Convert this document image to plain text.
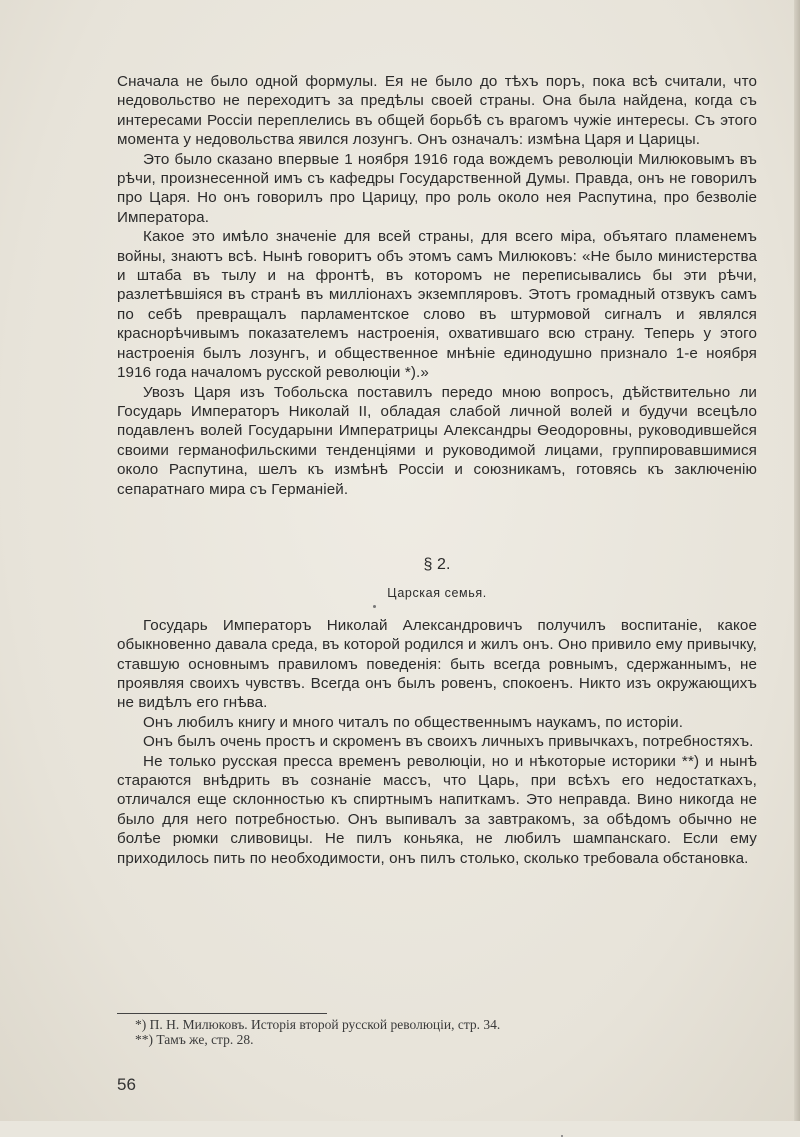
Сначала не было одной формулы. Ея не было до тѣхъ поръ, пока всѣ считали, что недовольство не переходитъ за предѣлы своей страны. Она была найдена, когда съ интересами Россiи переплелись въ общей борьбѣ съ врагомъ чужiе интересы. Съ этого момента у недовольства явился лозунгъ. Онъ означалъ: измѣна Царя и Царицы.

Это было сказано впервые 1 ноября 1916 года вождемъ революцiи Милюковымъ въ рѣчи, произнесенной имъ съ кафедры Государственной Думы. Правда, онъ не говорилъ про Царя. Но онъ говорилъ про Царицу, про роль около нея Распутина, про безволiе Императора.

Какое это имѣло значенiе для всей страны, для всего мiра, объятаго пламенемъ войны, знаютъ всѣ. Нынѣ говоритъ объ этомъ самъ Милюковъ: «Не было министерства и штаба въ тылу и на фронтѣ, въ которомъ не переписывались бы эти рѣчи, разлетѣвшiяся въ странѣ въ миллiонахъ экземпляровъ. Этотъ громадный отзвукъ самъ по себѣ превращалъ парламентское слово въ штурмовой сигналъ и являлся краснорѣчивымъ показателемъ настроенiя, охватившаго всю страну. Теперь у этого настроенiя былъ лозунгъ, и общественное мнѣнiе единодушно признало 1-е ноября 1916 года началомъ русской революцiи *).»

Увозъ Царя изъ Тобольска поставилъ передо мною вопросъ, дѣйствительно ли Государь Императоръ Николай II, обладая слабой личной волей и будучи всецѣло подавленъ волей Государыни Императрицы Александры Ѳеодоровны, руководившейся своими германофильскими тенденцiями и руководимой лицами, группировавшимися около Распутина, шелъ къ измѣнѣ Россiи и союзникамъ, готовясь къ заключенiю сепаратнаго мира съ Германiей.

§ 2.
Царская семья.

Государь Императоръ Николай Александровичъ получилъ воспитанiе, какое обыкновенно давала среда, въ которой родился и жилъ онъ. Оно привило ему привычку, ставшую основнымъ правиломъ поведенiя: быть всегда ровнымъ, сдержаннымъ, не проявляя своихъ чувствъ. Всегда онъ былъ ровенъ, спокоенъ. Никто изъ окружающихъ не видѣлъ его гнѣва.

Онъ любилъ книгу и много читалъ по общественнымъ наукамъ, по исторiи.

Онъ былъ очень простъ и скроменъ въ своихъ личныхъ привычкахъ, потребностяхъ.

Не только русская пресса временъ революцiи, но и нѣкоторые историки **) и нынѣ стараются внѣдрить въ сознанiе массъ, что Царь, при всѣхъ его недостаткахъ, отличался еще склонностью къ спиртнымъ напиткамъ. Это неправда. Вино никогда не было для него потребностью. Онъ выпивалъ за завтракомъ, за обѣдомъ обычно не болѣе рюмки сливовицы. Не пилъ коньяка, не любилъ шампанскаго. Если ему приходилось пить по необходимости, онъ пилъ столько, сколько требовала обстановка.

*) П. Н. Милюковъ. Исторiя второй русской революцiи, стр. 34.
**) Тамъ же, стр. 28.
56
